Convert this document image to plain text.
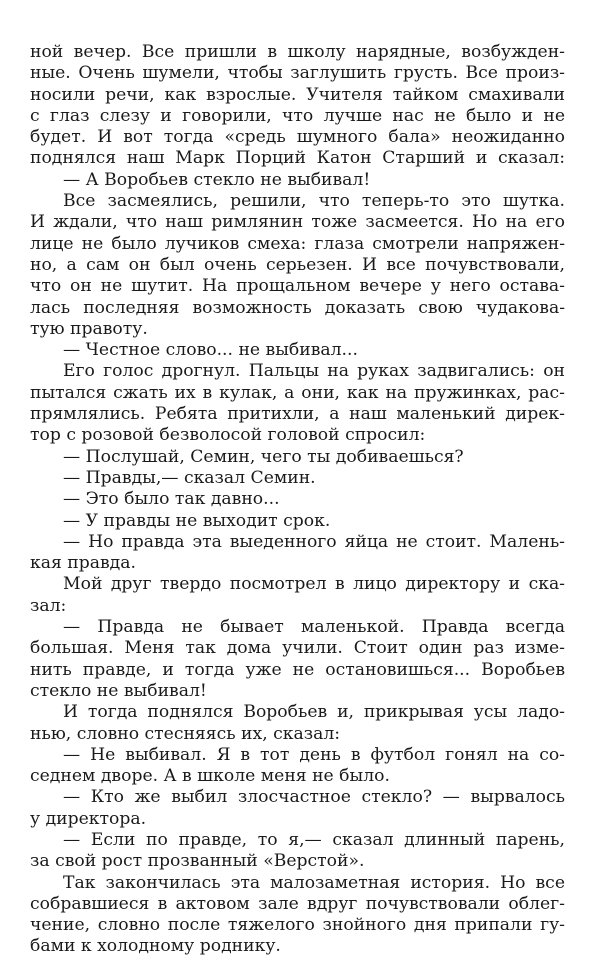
ной вечер. Все пришли в школу нарядные, возбужден-
ные. Очень шумели, чтобы заглушить грусть. Все произ-
носили речи, как взрослые. Учителя тайком смахивали
с глаз слезу и говорили, что лучше нас не было и не
будет. И вот тогда «средь шумного бала» неожиданно
поднялся наш Марк Порций Катон Старший и сказал:
— А Воробьев стекло не выбивал!
Все засмеялись, решили, что теперь-то это шутка.
И ждали, что наш римлянин тоже засмеется. Но на его
лице не было лучиков смеха: глаза смотрели напряжен-
но, а сам он был очень серьезен. И все почувствовали,
что он не шутит. На прощальном вечере у него остава-
лась последняя возможность доказать свою чудакова-
тую правоту.
— Честное слово... не выбивал...
Его голос дрогнул. Пальцы на руках задвигались: он
пытался сжать их в кулак, а они, как на пружинках, рас-
прямлялись. Ребята притихли, а наш маленький дирек-
тор с розовой безволосой головой спросил:
— Послушай, Семин, чего ты добиваешься?
— Правды,— сказал Семин.
— Это было так давно...
— У правды не выходит срок.
— Но правда эта выеденного яйца не стоит. Малень-
кая правда.
Мой друг твердо посмотрел в лицо директору и ска-
зал:
— Правда не бывает маленькой. Правда всегда
большая. Меня так дома учили. Стоит один раз изме-
нить правде, и тогда уже не остановишься... Воробьев
стекло не выбивал!
И тогда поднялся Воробьев и, прикрывая усы ладо-
нью, словно стесняясь их, сказал:
— Не выбивал. Я в тот день в футбол гонял на со-
седнем дворе. А в школе меня не было.
— Кто же выбил злосчастное стекло? — вырвалось
у директора.
— Если по правде, то я,— сказал длинный парень,
за свой рост прозванный «Верстой».
Так закончилась эта малозаметная история. Но все
собравшиеся в актовом зале вдруг почувствовали облег-
чение, словно после тяжелого знойного дня припали гу-
бами к холодному роднику.
